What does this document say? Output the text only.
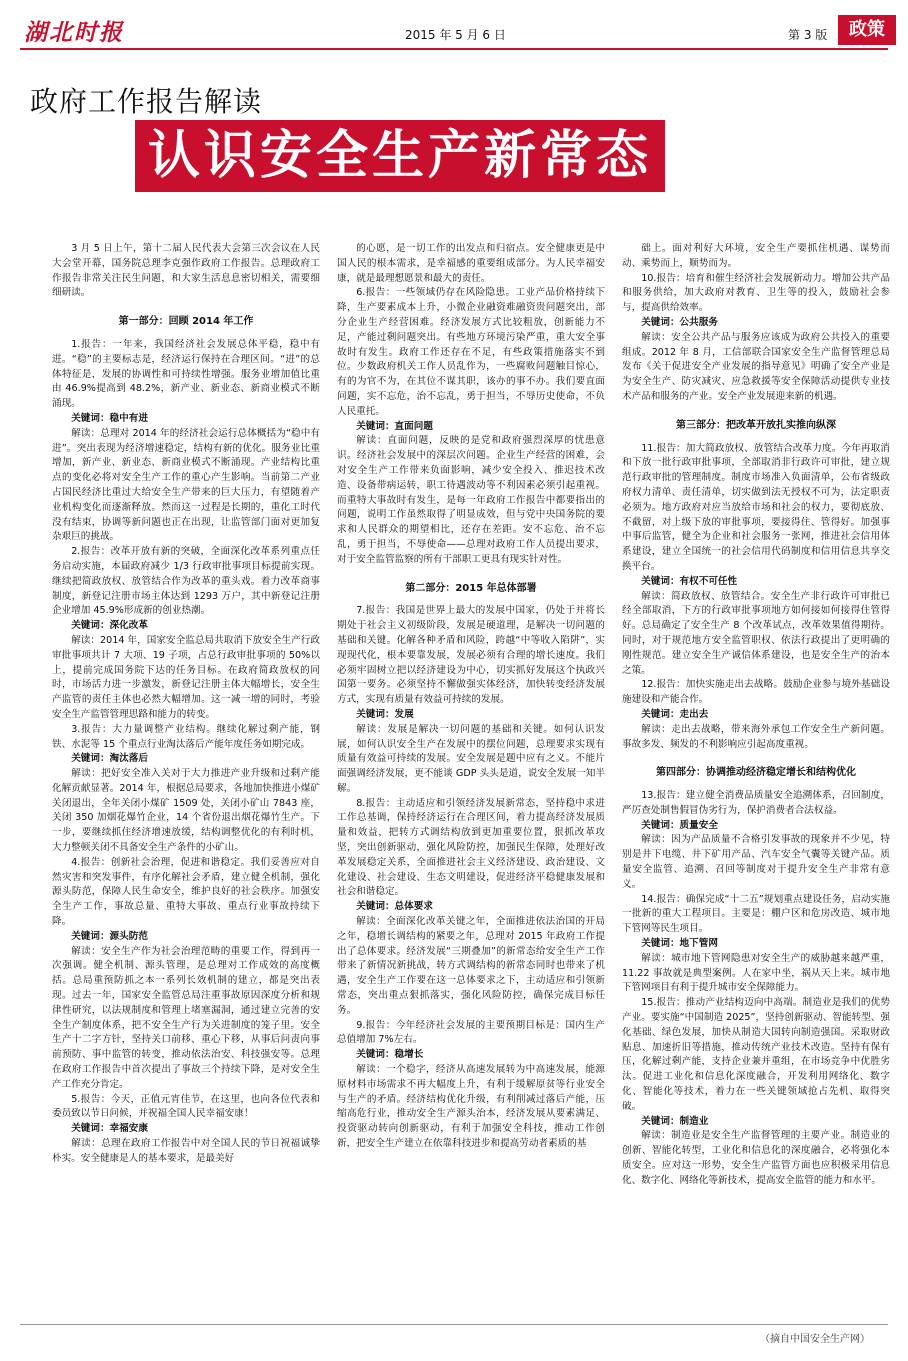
湖北时报	2015 年 5 月 6 日	第 3 版	政策
政府工作报告解读
认识安全生产新常态

3 月 5 日上午，第十二届人民代表大会第三次会议在人民大会堂开幕，国务院总理李克强作政府工作报告。总理政府工作报告非常关注民生问题，和大家生活息息密切相关，需要细细研读。

第一部分：回顾 2014 年工作

1.报告：一年来，我国经济社会发展总体平稳，稳中有进。“稳”的主要标志是，经济运行保持在合理区间。“进”的总体特征是，发展的协调性和可持续性增强。服务业增加值比重由 46.9%提高到 48.2%，新产业、新业态、新商业模式不断涌现。

关键词：稳中有进

解读：总理对 2014 年的经济社会运行总体概括为“稳中有进”。突出表现为经济增速稳定，结构有新的优化。服务业比重增加，新产业、新业态、新商业模式不断涌现。产业结构比重点的变化必将对安全生产工作的重心产生影响。当前第二产业占国民经济比重过大给安全生产带来的巨大压力，有望随着产业机构变化而逐渐释放。然而这一过程是长期的，重化工时代没有结束，协调等新问题也正在出现，让监管部门面对更加复杂艰巨的挑战。

2.报告：改革开放有新的突破，全面深化改革系列重点任务启动实施，本届政府减少 1/3 行政审批事项目标提前实现。继续把简政放权、放管结合作为改革的重头戏。着力改革商事制度，新登记注册市场主体达到 1293 万户，其中新登记注册企业增加 45.9%形成新的创业热潮。

关键词：深化改革

解读：2014 年，国家安全监总局共取消下放安全生产行政审批事项共计 7 大项、19 子项，占总行政审批事项的 50%以上，提前完成国务院下达的任务目标。在政府简政放权的同时，市场活力进一步激发，新登记注册主体大幅增长，安全生产监管的责任主体也必然大幅增加。这一减一增的同时，考验安全生产监管管理思路和能力的转变。

3.报告：大力量调整产业结构。继续化解过剩产能，钢铁、水泥等 15 个重点行业淘汰落后产能年度任务如期完成。

关键词：淘汰落后

解读：把好安全准入关对于大力推进产业升级和过剩产能化解贡献显著。2014 年，根据总局要求，各地加快推进小煤矿关闭退出，全年关闭小煤矿 1509 处，关闭小矿山 7843 座，关闭 350 加烟花爆竹企业，14 个省份退出烟花爆竹生产。下一步，要继续抓住经济增速放缓，结构调整优化的有利时机，大力整顿关闭不具备安全生产条件的小矿山。

4.报告：创新社会治理，促进和谐稳定。我们妥善应对自然灾害和突发事件，有序化解社会矛盾，建立健全机制，强化源头防范，保障人民生命安全，维护良好的社会秩序。加强安全生产工作，事故总量、重特大事故、重点行业事故持续下降。

关键词：源头防范

解读：安全生产作为社会治理范畴的重要工作，得到再一次强调。健全机制、源头管理，是总理对工作成效的高度概括。总局重预防抓之本一系列长效机制的建立，都是突出表现。过去一年，国家安全监管总局注重事故原因深度分析和规律性研究，以法规制度和管理上堵塞漏洞，通过建立完善的安全生产制度体系，把不安全生产行为关进制度的笼子里。安全生产十二字方针，坚持关口前移、重心下移，从事后问责向事前预防、事中监管的转变，推动依法治安、科技强安等。总理在政府工作报告中首次提出了事故三个持续下降，是对安全生产工作充分肯定。

5.报告：今天，正值元宵佳节，在这里，也向各位代表和委员致以节日问候，并祝福全国人民幸福安康！

关键词：幸福安康

解读：总理在政府工作报告中对全国人民的节日祝福诚挚朴实。安全健康是人的基本要求，是最美好

的心愿，是一切工作的出发点和归宿点。安全健康更是中国人民的根本需求，是幸福感的重要组成部分。为人民幸福安康，就是最理想愿景和最大的责任。

6.报告：一些领域仍存在风险隐患。工业产品价格持续下降，生产要素成本上升，小微企业融资难融资贵问题突出，部分企业生产经营困难。经济发展方式比较粗放，创新能力不足，产能过剩问题突出。有些地方环境污染严重，重大安全事故时有发生。政府工作还存在不足，有些政策措施落实不到位。少数政府机关工作人员乱作为，一些腐败问题触目惊心，有的为官不为，在其位不谋其职，该办的事不办。我们要直面问题，实不忘危，治不忘乱，勇于担当，不辱历史使命，不负人民重托。

关键词：直面问题

解读：直面问题，反映的是党和政府强烈深厚的忧患意识。经济社会发展中的深层次问题。企业生产经营的困难，会对安全生产工作带来负面影响，减少安全投入、推迟技术改造、设备带病运转，职工待遇波动等不利因素必须引起重视。而重特大事故时有发生，是每一年政府工作报告中都要指出的问题，说明工作虽然取得了明显成效，但与党中央国务院的要求和人民群众的期望相比，还存在差距。安不忘危、治不忘乱，勇于担当，不辱使命——总理对政府工作人员提出要求，对于安全监管监察的所有干部职工更具有现实针对性。

第二部分：2015 年总体部署

7.报告：我国是世界上最大的发展中国家，仍处于并将长期处于社会主义初级阶段，发展是硬道理，是解决一切问题的基础和关键。化解各种矛盾和风险，跨越“中等收入陷阱”，实现现代化，根本要靠发展，发展必须有合理的增长速度。我们必须牢固树立把以经济建设为中心，切实抓好发展这个执政兴国第一要务。必须坚持不懈做强实体经济，加快转变经济发展方式，实现有质量有效益可持续的发展。

关键词：发展

解读：发展是解决一切问题的基础和关键。如何认识发展，如何认识安全生产在发展中的摆位问题，总理要求实现有质量有效益可持续的发展。安全发展是题中应有之义。不能片面强调经济发展，更不能谈 GDP 头头是道，说安全发展一知半解。

8.报告：主动适应和引领经济发展新常态，坚持稳中求进工作总基调，保持经济运行在合理区间，着力提高经济发展质量和效益，把转方式调结构放到更加重要位置，狠抓改革攻坚，突出创新驱动，强化风险防控，加强民生保障，处理好改革发展稳定关系，全面推进社会主义经济建设、政治建设、文化建设、社会建设、生态文明建设，促进经济平稳健康发展和社会和谐稳定。

关键词：总体要求

解读：全面深化改革关键之年，全面推进依法治国的开局之年，稳增长调结构的紧要之年，总理对 2015 年政府工作提出了总体要求。经济发展“三期叠加”的新常态给安全生产工作带来了新情况新挑战，转方式调结构的新常态同时也带来了机遇，安全生产工作要在这一总体要求之下，主动适应和引领新常态，突出重点狠抓落实，强化风险防控，确保完成目标任务。

9.报告：今年经济社会发展的主要预期目标是：国内生产总值增加 7%左右。

关键词：稳增长

解读：一个稳字，经济从高速发展转为中高速发展，能源原材料市场需求不再大幅度上升，有利于缓解原贫等行业安全与生产的矛盾。经济结构优化升级，有利削减过落后产能，压缩高危行业，推动安全生产源头治本，经济发展从要素满足、投资驱动转向创新驱动，有利于加强安全科技，推动工作创新，把安全生产建立在依靠科技进步和提高劳动者素质的基

础上。面对利好大环境，安全生产要抓住机遇、谋势而动、乘势而上，顺势而为。

10.报告：培育和催生经济社会发展新动力。增加公共产品和服务供给，加大政府对教育、卫生等的投入，鼓励社会参与，提高供给效率。

关键词：公共服务

解读：安全公共产品与服务应该成为政府公共投入的重要组成。2012 年 8 月，工信部联合国家安全生产监督管理总局发布《关于促进安全产业发展的指导意见》明确了安全产业是为安全生产、防灾减灾、应急救援等安全保障活动提供专业技术产品和服务的产业。安全产业发展迎来新的机遇。

第三部分：把改革开放扎实推向纵深

11.报告：加大简政放权、放管结合改革力度。今年再取消和下放一批行政审批事项，全部取消非行政许可审批，建立规范行政审批的管理制度。制度市场准入负面清单，公布省级政府权力清单、责任清单，切实做到法无授权不可为，法定职责必须为。地方政府对应当放给市场和社会的权力，要彻底放、不截留，对上级下放的审批事项，要接得住、管得好。加强事中事后监管，健全为企业和社会服务一张网，推进社会信用体系建设，建立全国统一的社会信用代码制度和信用信息共享交换平台。

关键词：有权不可任性

解读：简政放权、放管结合。安全生产非行政许可审批已经全部取消，下方的行政审批事项地方如何接如何接得住管得好。总局确定了安全生产 8 个改革试点，改革效果值得期待。同时，对于规范地方安全监管职权、依法行政提出了更明确的刚性规范。建立安全生产诚信体系建设，也是安全生产的治本之策。

12.报告：加快实施走出去战略。鼓励企业参与境外基础设施建设和产能合作。

关键词：走出去

解读：走出去战略，带来海外承包工作安全生产新问题。事故多发、频发的不利影响应引起高度重视。

第四部分：协调推动经济稳定增长和结构优化

13.报告：建立健全消费品质量安全追溯体系，召回制度，严厉查处制售假冒伪劣行为，保护消费者合法权益。

关键词：质量安全

解读：因为产品质量不合格引发事故的现象并不少见，特别是井下电缆、井下矿用产品、汽车安全气囊等关键产品。质量安全监管、追溯、召回等制度对于提升安全生产非常有意义。

14.报告：确保完成“十二五”规划重点建设任务，启动实施一批新的重大工程项目。主要是：棚户区和危房改造、城市地下管网等民生项目。

关键词：地下管网

解读：城市地下管网隐患对安全生产的威胁越来越严重，11.22 事故就是典型案例。人在家中坐，祸从天上来。城市地下管网项目有利于提升城市安全保障能力。

15.报告：推动产业结构迈向中高端。制造业是我们的优势产业。要实施“中国制造 2025”，坚持创新驱动、智能转型、强化基础、绿色发展，加快从制造大国转向制造强国。采取财政贴息、加速折旧等措施，推动传统产业技术改造。坚持有保有压，化解过剩产能，支持企业兼并重组，在市场竞争中优胜劣汰。促进工业化和信息化深度融合，开发利用网络化、数字化、智能化等技术，着力在一些关键领域抢占先机、取得突破。

关键词：制造业

解读：制造业是安全生产监督管理的主要产业。制造业的创新、智能化转型，工业化和信息化的深度融合，必将强化本质安全。应对这一形势，安全生产监管方面也应积极采用信息化、数字化、网络化等新技术，提高安全监管的能力和水平。

（摘自中国安全生产网）
